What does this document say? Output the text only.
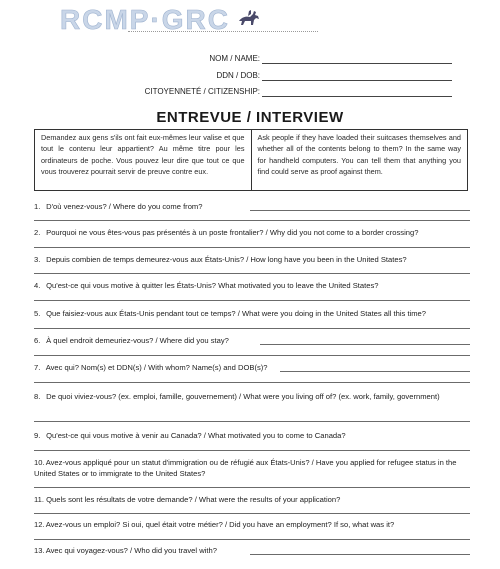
RCMP·GRC
NOM / NAME:
DDN / DOB:
CITOYENNETÉ / CITIZENSHIP:
ENTREVUE / INTERVIEW
Demandez aux gens s'ils ont fait eux-mêmes leur valise et que tout le contenu leur appartient? Au même titre pour les ordinateurs de poche. Vous pouvez leur dire que tout ce que vous trouverez pourrait servir de preuve contre eux.
Ask people if they have loaded their suitcases themselves and whether all of the contents belong to them? In the same way for handheld computers. You can tell them that anything you find could serve as proof against them.
1. D'où venez-vous? / Where do you come from?
2. Pourquoi ne vous êtes-vous pas présentés à un poste frontalier? / Why did you not come to a border crossing?
3. Depuis combien de temps demeurez-vous aux États-Unis? / How long have you been in the United States?
4. Qu'est-ce qui vous motive à quitter les États-Unis? What motivated you to leave the United States?
5. Que faisiez-vous aux États-Unis pendant tout ce temps? / What were you doing in the United States all this time?
6. À quel endroit demeuriez-vous? / Where did you stay?
7. Avec qui? Nom(s) et DDN(s) / With whom? Name(s) and DOB(s)?
8. De quoi viviez-vous? (ex. emploi, famille, gouvernement) / What were you living off of? (ex. work, family, government)
9. Qu'est-ce qui vous motive à venir au Canada? / What motivated you to come to Canada?
10. Avez-vous appliqué pour un statut d'immigration ou de réfugié aux États-Unis? / Have you applied for refugee status in the United States or to immigrate to the United States?
11. Quels sont les résultats de votre demande? / What were the results of your application?
12. Avez-vous un emploi? Si oui, quel était votre métier? / Did you have an employment? If so, what was it?
13. Avec qui voyagez-vous? / Who did you travel with?
